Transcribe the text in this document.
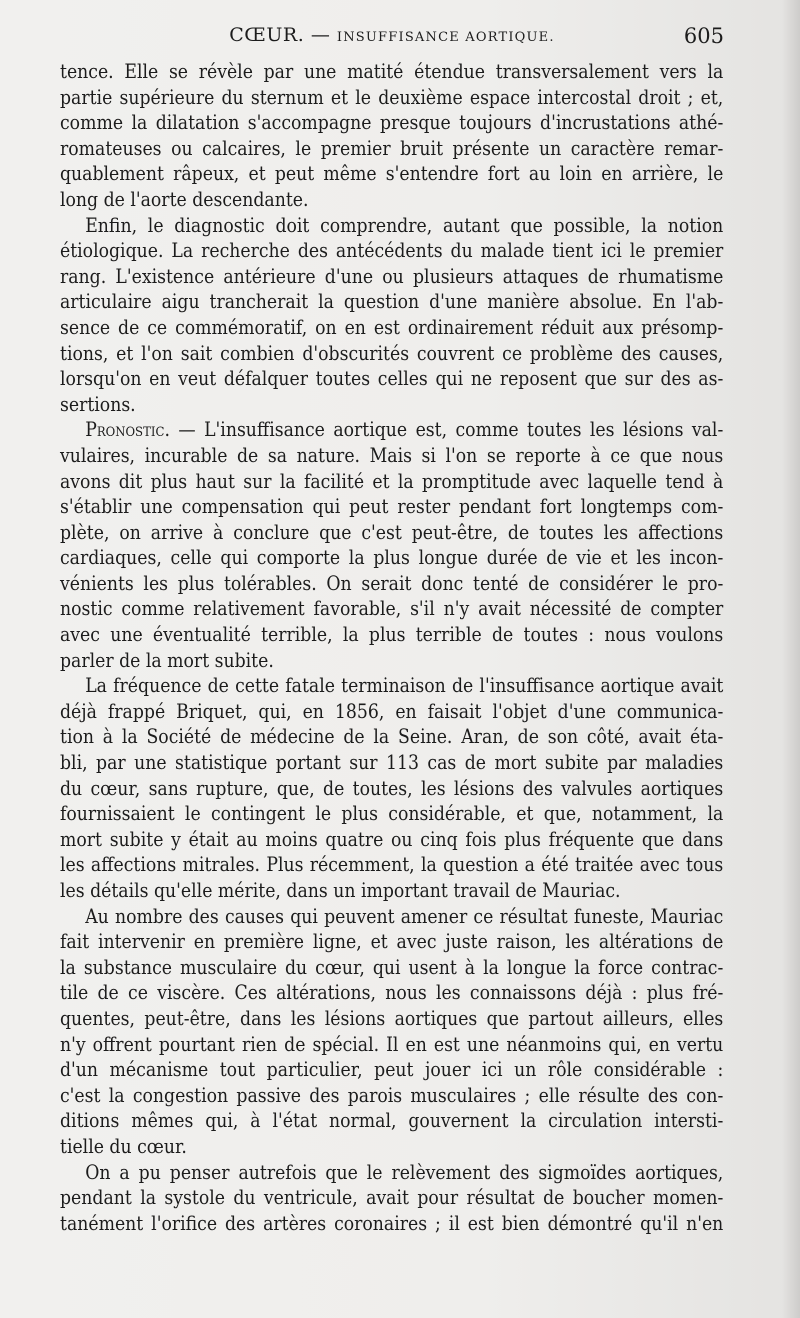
CŒUR. — INSUFFISANCE AORTIQUE.	605
tence. Elle se révèle par une matité étendue transversalement vers la
partie supérieure du sternum et le deuxième espace intercostal droit ; et,
comme la dilatation s'accompagne presque toujours d'incrustations athé-
romateuses ou calcaires, le premier bruit présente un caractère remar-
quablement râpeux, et peut même s'entendre fort au loin en arrière, le
long de l'aorte descendante.
Enfin, le diagnostic doit comprendre, autant que possible, la notion
étiologique. La recherche des antécédents du malade tient ici le premier
rang. L'existence antérieure d'une ou plusieurs attaques de rhumatisme
articulaire aigu trancherait la question d'une manière absolue. En l'ab-
sence de ce commémoratif, on en est ordinairement réduit aux présomp-
tions, et l'on sait combien d'obscurités couvrent ce problème des causes,
lorsqu'on en veut défalquer toutes celles qui ne reposent que sur des as-
sertions.
Pronostic. — L'insuffisance aortique est, comme toutes les lésions val-
vulaires, incurable de sa nature. Mais si l'on se reporte à ce que nous
avons dit plus haut sur la facilité et la promptitude avec laquelle tend à
s'établir une compensation qui peut rester pendant fort longtemps com-
plète, on arrive à conclure que c'est peut-être, de toutes les affections
cardiaques, celle qui comporte la plus longue durée de vie et les incon-
vénients les plus tolérables. On serait donc tenté de considérer le pro-
nostic comme relativement favorable, s'il n'y avait nécessité de compter
avec une éventualité terrible, la plus terrible de toutes : nous voulons
parler de la mort subite.
La fréquence de cette fatale terminaison de l'insuffisance aortique avait
déjà frappé Briquet, qui, en 1856, en faisait l'objet d'une communica-
tion à la Société de médecine de la Seine. Aran, de son côté, avait éta-
bli, par une statistique portant sur 113 cas de mort subite par maladies
du cœur, sans rupture, que, de toutes, les lésions des valvules aortiques
fournissaient le contingent le plus considérable, et que, notamment, la
mort subite y était au moins quatre ou cinq fois plus fréquente que dans
les affections mitrales. Plus récemment, la question a été traitée avec tous
les détails qu'elle mérite, dans un important travail de Mauriac.
Au nombre des causes qui peuvent amener ce résultat funeste, Mauriac
fait intervenir en première ligne, et avec juste raison, les altérations de
la substance musculaire du cœur, qui usent à la longue la force contrac-
tile de ce viscère. Ces altérations, nous les connaissons déjà : plus fré-
quentes, peut-être, dans les lésions aortiques que partout ailleurs, elles
n'y offrent pourtant rien de spécial. Il en est une néanmoins qui, en vertu
d'un mécanisme tout particulier, peut jouer ici un rôle considérable :
c'est la congestion passive des parois musculaires ; elle résulte des con-
ditions mêmes qui, à l'état normal, gouvernent la circulation intersti-
tielle du cœur.
On a pu penser autrefois que le relèvement des sigmoïdes aortiques,
pendant la systole du ventricule, avait pour résultat de boucher momen-
tanément l'orifice des artères coronaires ; il est bien démontré qu'il n'en
